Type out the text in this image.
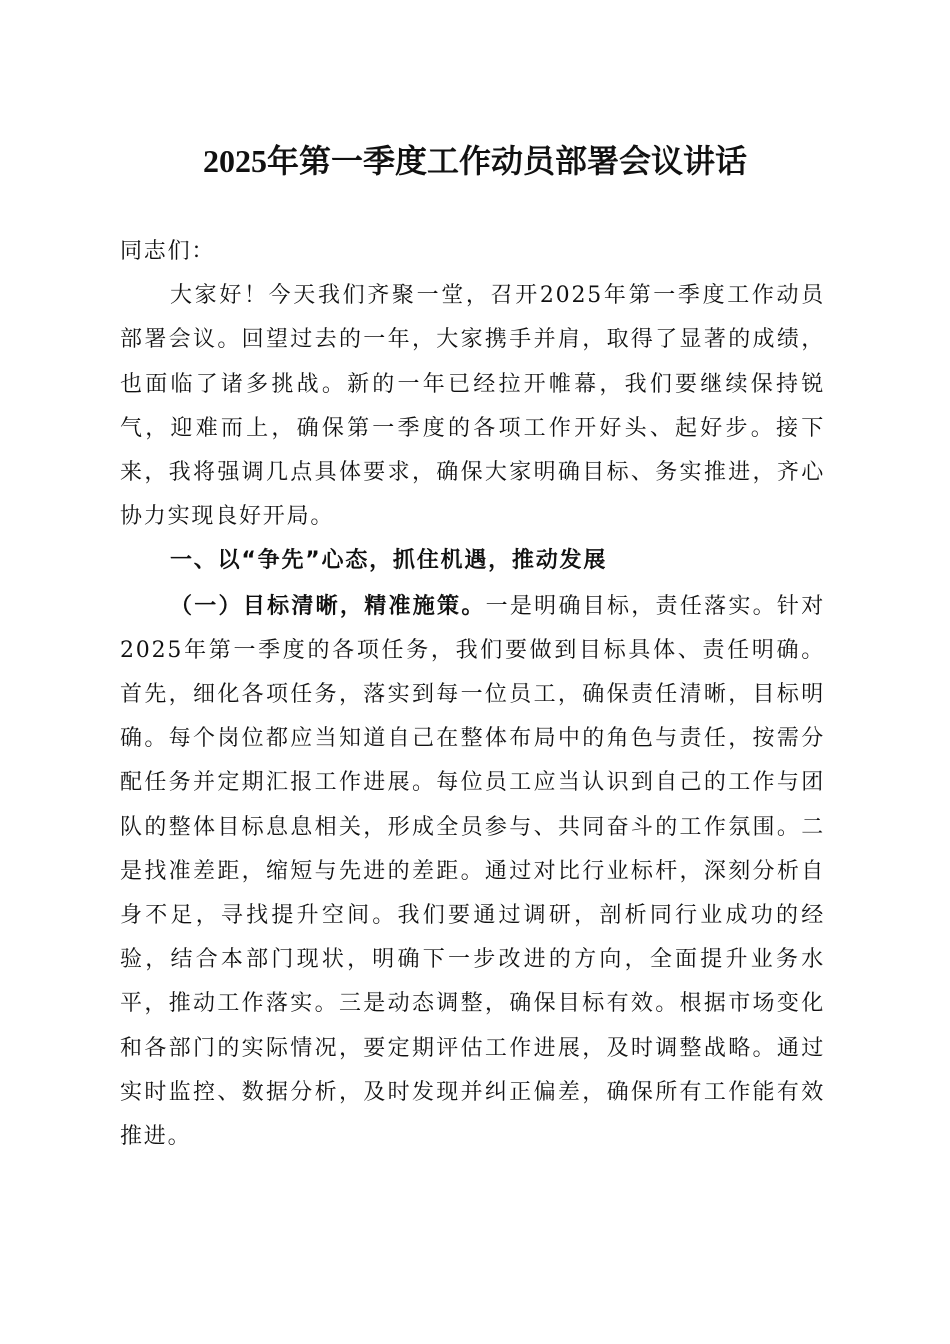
2025年第一季度工作动员部署会议讲话

同志们：

大家好！今天我们齐聚一堂，召开2025年第一季度工作动员部署会议。回望过去的一年，大家携手并肩，取得了显著的成绩，也面临了诸多挑战。新的一年已经拉开帷幕，我们要继续保持锐气，迎难而上，确保第一季度的各项工作开好头、起好步。接下来，我将强调几点具体要求，确保大家明确目标、务实推进，齐心协力实现良好开局。

一、以“争先”心态，抓住机遇，推动发展

（一）目标清晰，精准施策。一是明确目标，责任落实。针对2025年第一季度的各项任务，我们要做到目标具体、责任明确。首先，细化各项任务，落实到每一位员工，确保责任清晰，目标明确。每个岗位都应当知道自己在整体布局中的角色与责任，按需分配任务并定期汇报工作进展。每位员工应当认识到自己的工作与团队的整体目标息息相关，形成全员参与、共同奋斗的工作氛围。二是找准差距，缩短与先进的差距。通过对比行业标杆，深刻分析自身不足，寻找提升空间。我们要通过调研，剖析同行业成功的经验，结合本部门现状，明确下一步改进的方向，全面提升业务水平，推动工作落实。三是动态调整，确保目标有效。根据市场变化和各部门的实际情况，要定期评估工作进展，及时调整战略。通过实时监控、数据分析，及时发现并纠正偏差，确保所有工作能有效推进。
